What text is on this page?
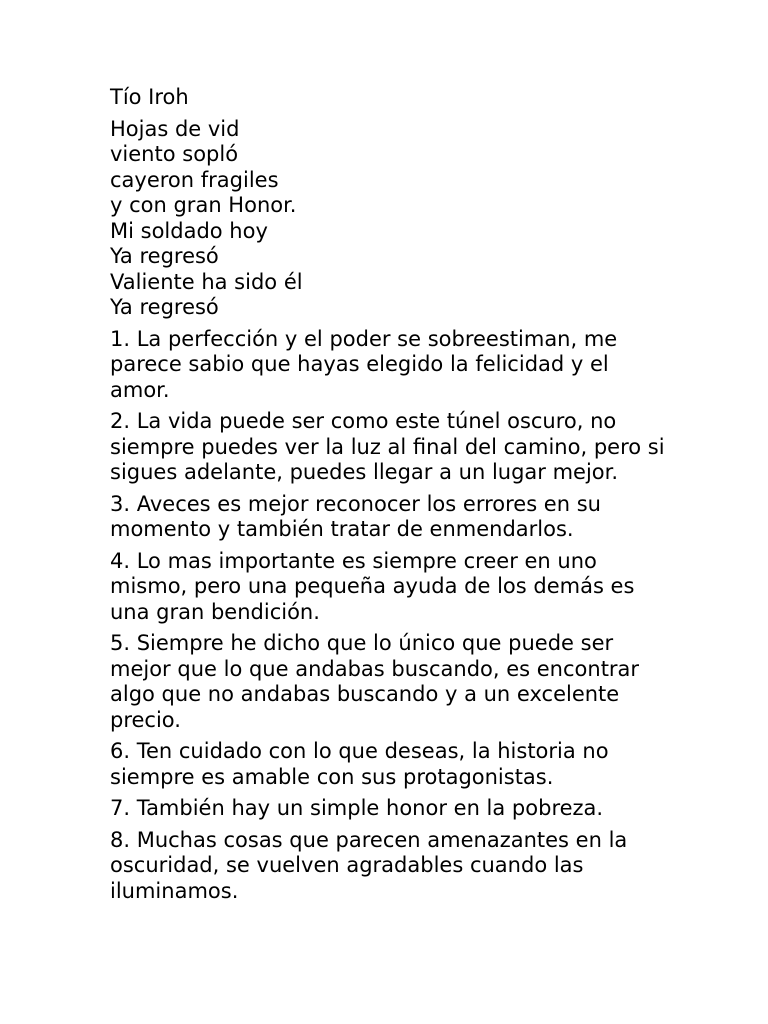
Tío Iroh
Hojas de vid
viento sopló
cayeron fragiles
y con gran Honor.
Mi soldado hoy
Ya regresó
Valiente ha sido él
Ya regresó

1. La perfección y el poder se sobreestiman, me parece sabio que hayas elegido la felicidad y el amor.

2. La vida puede ser como este túnel oscuro, no siempre puedes ver la luz al final del camino, pero si sigues adelante, puedes llegar a un lugar mejor.

3. Aveces es mejor reconocer los errores en su momento y también tratar de enmendarlos.

4. Lo mas importante es siempre creer en uno mismo, pero una pequeña ayuda de los demás es una gran bendición.

5. Siempre he dicho que lo único que puede ser mejor que lo que andabas buscando, es encontrar algo que no andabas buscando y a un excelente precio.

6. Ten cuidado con lo que deseas, la historia no siempre es amable con sus protagonistas.

7. También hay un simple honor en la pobreza.

8. Muchas cosas que parecen amenazantes en la oscuridad, se vuelven agradables cuando las iluminamos.
